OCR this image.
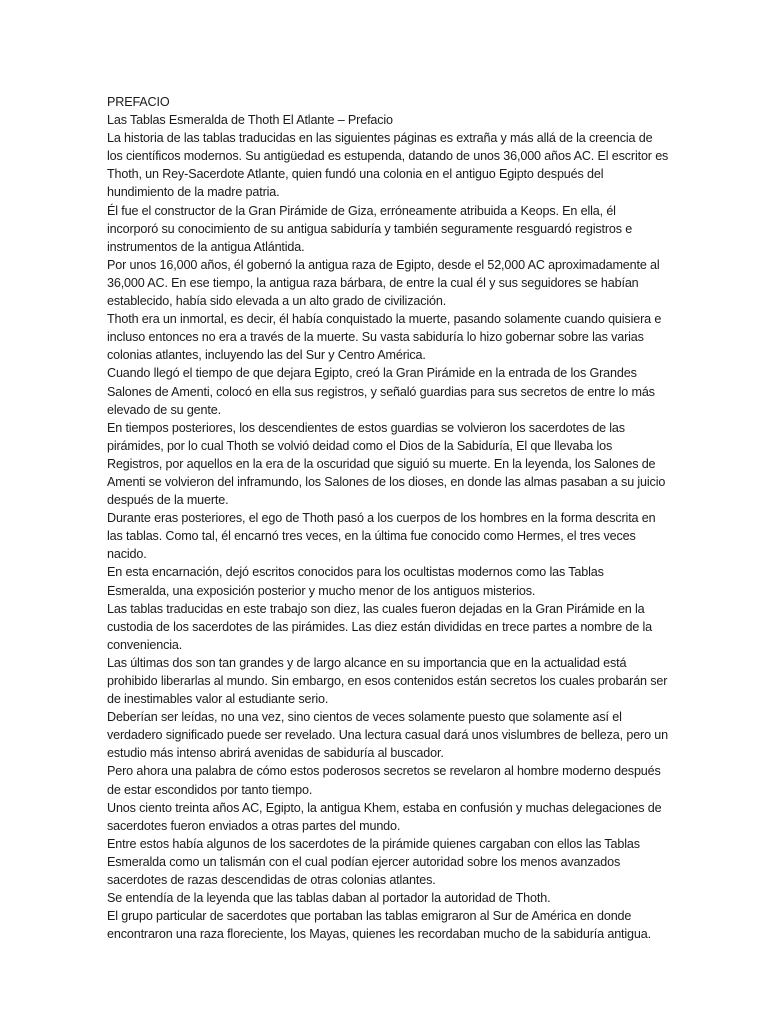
PREFACIO

Las Tablas Esmeralda de Thoth El Atlante – Prefacio

La historia de las tablas traducidas en las siguientes páginas es extraña y más allá de la creencia de los científicos modernos. Su antigüedad es estupenda, datando de unos 36,000 años AC. El escritor es Thoth, un Rey-Sacerdote Atlante, quien fundó una colonia en el antiguo Egipto después del hundimiento de la madre patria.

Él fue el constructor de la Gran Pirámide de Giza, erróneamente atribuida a Keops. En ella, él incorporó su conocimiento de su antigua sabiduría y también seguramente resguardó registros e instrumentos de la antigua Atlántida.

Por unos 16,000 años, él gobernó la antigua raza de Egipto, desde el 52,000 AC aproximadamente al 36,000 AC. En ese tiempo, la antigua raza bárbara, de entre la cual él y sus seguidores se habían establecido, había sido elevada a un alto grado de civilización.

Thoth era un inmortal, es decir, él había conquistado la muerte, pasando solamente cuando quisiera e incluso entonces no era a través de la muerte. Su vasta sabiduría lo hizo gobernar sobre las varias colonias atlantes, incluyendo las del Sur y Centro América.

Cuando llegó el tiempo de que dejara Egipto, creó la Gran Pirámide en la entrada de los Grandes Salones de Amenti, colocó en ella sus registros, y señaló guardias para sus secretos de entre lo más elevado de su gente.

En tiempos posteriores, los descendientes de estos guardias se volvieron los sacerdotes de las pirámides, por lo cual Thoth se volvió deidad como el Dios de la Sabiduría, El que llevaba los Registros, por aquellos en la era de la oscuridad que siguió su muerte. En la leyenda, los Salones de Amenti se volvieron del inframundo, los Salones de los dioses, en donde las almas pasaban a su juicio después de la muerte.

Durante eras posteriores, el ego de Thoth pasó a los cuerpos de los hombres en la forma descrita en las tablas. Como tal, él encarnó tres veces, en la última fue conocido como Hermes, el tres veces nacido.

En esta encarnación, dejó escritos conocidos para los ocultistas modernos como las Tablas Esmeralda, una exposición posterior y mucho menor de los antiguos misterios.

Las tablas traducidas en este trabajo son diez, las cuales fueron dejadas en la Gran Pirámide en la custodia de los sacerdotes de las pirámides. Las diez están divididas en trece partes a nombre de la conveniencia.

Las últimas dos son tan grandes y de largo alcance en su importancia que en la actualidad está prohibido liberarlas al mundo. Sin embargo, en esos contenidos están secretos los cuales probarán ser de inestimables valor al estudiante serio.

Deberían ser leídas, no una vez, sino cientos de veces solamente puesto que solamente así el verdadero significado puede ser revelado. Una lectura casual dará unos vislumbres de belleza, pero un estudio más intenso abrirá avenidas de sabiduría al buscador.

Pero ahora una palabra de cómo estos poderosos secretos se revelaron al hombre moderno después de estar escondidos por tanto tiempo.

Unos ciento treinta años AC, Egipto, la antigua Khem, estaba en confusión y muchas delegaciones de sacerdotes fueron enviados a otras partes del mundo.

Entre estos había algunos de los sacerdotes de la pirámide quienes cargaban con ellos las Tablas Esmeralda como un talismán con el cual podían ejercer autoridad sobre los menos avanzados sacerdotes de razas descendidas de otras colonias atlantes.

Se entendía de la leyenda que las tablas daban al portador la autoridad de Thoth.

El grupo particular de sacerdotes que portaban las tablas emigraron al Sur de América en donde encontraron una raza floreciente, los Mayas, quienes les recordaban mucho de la sabiduría antigua.
